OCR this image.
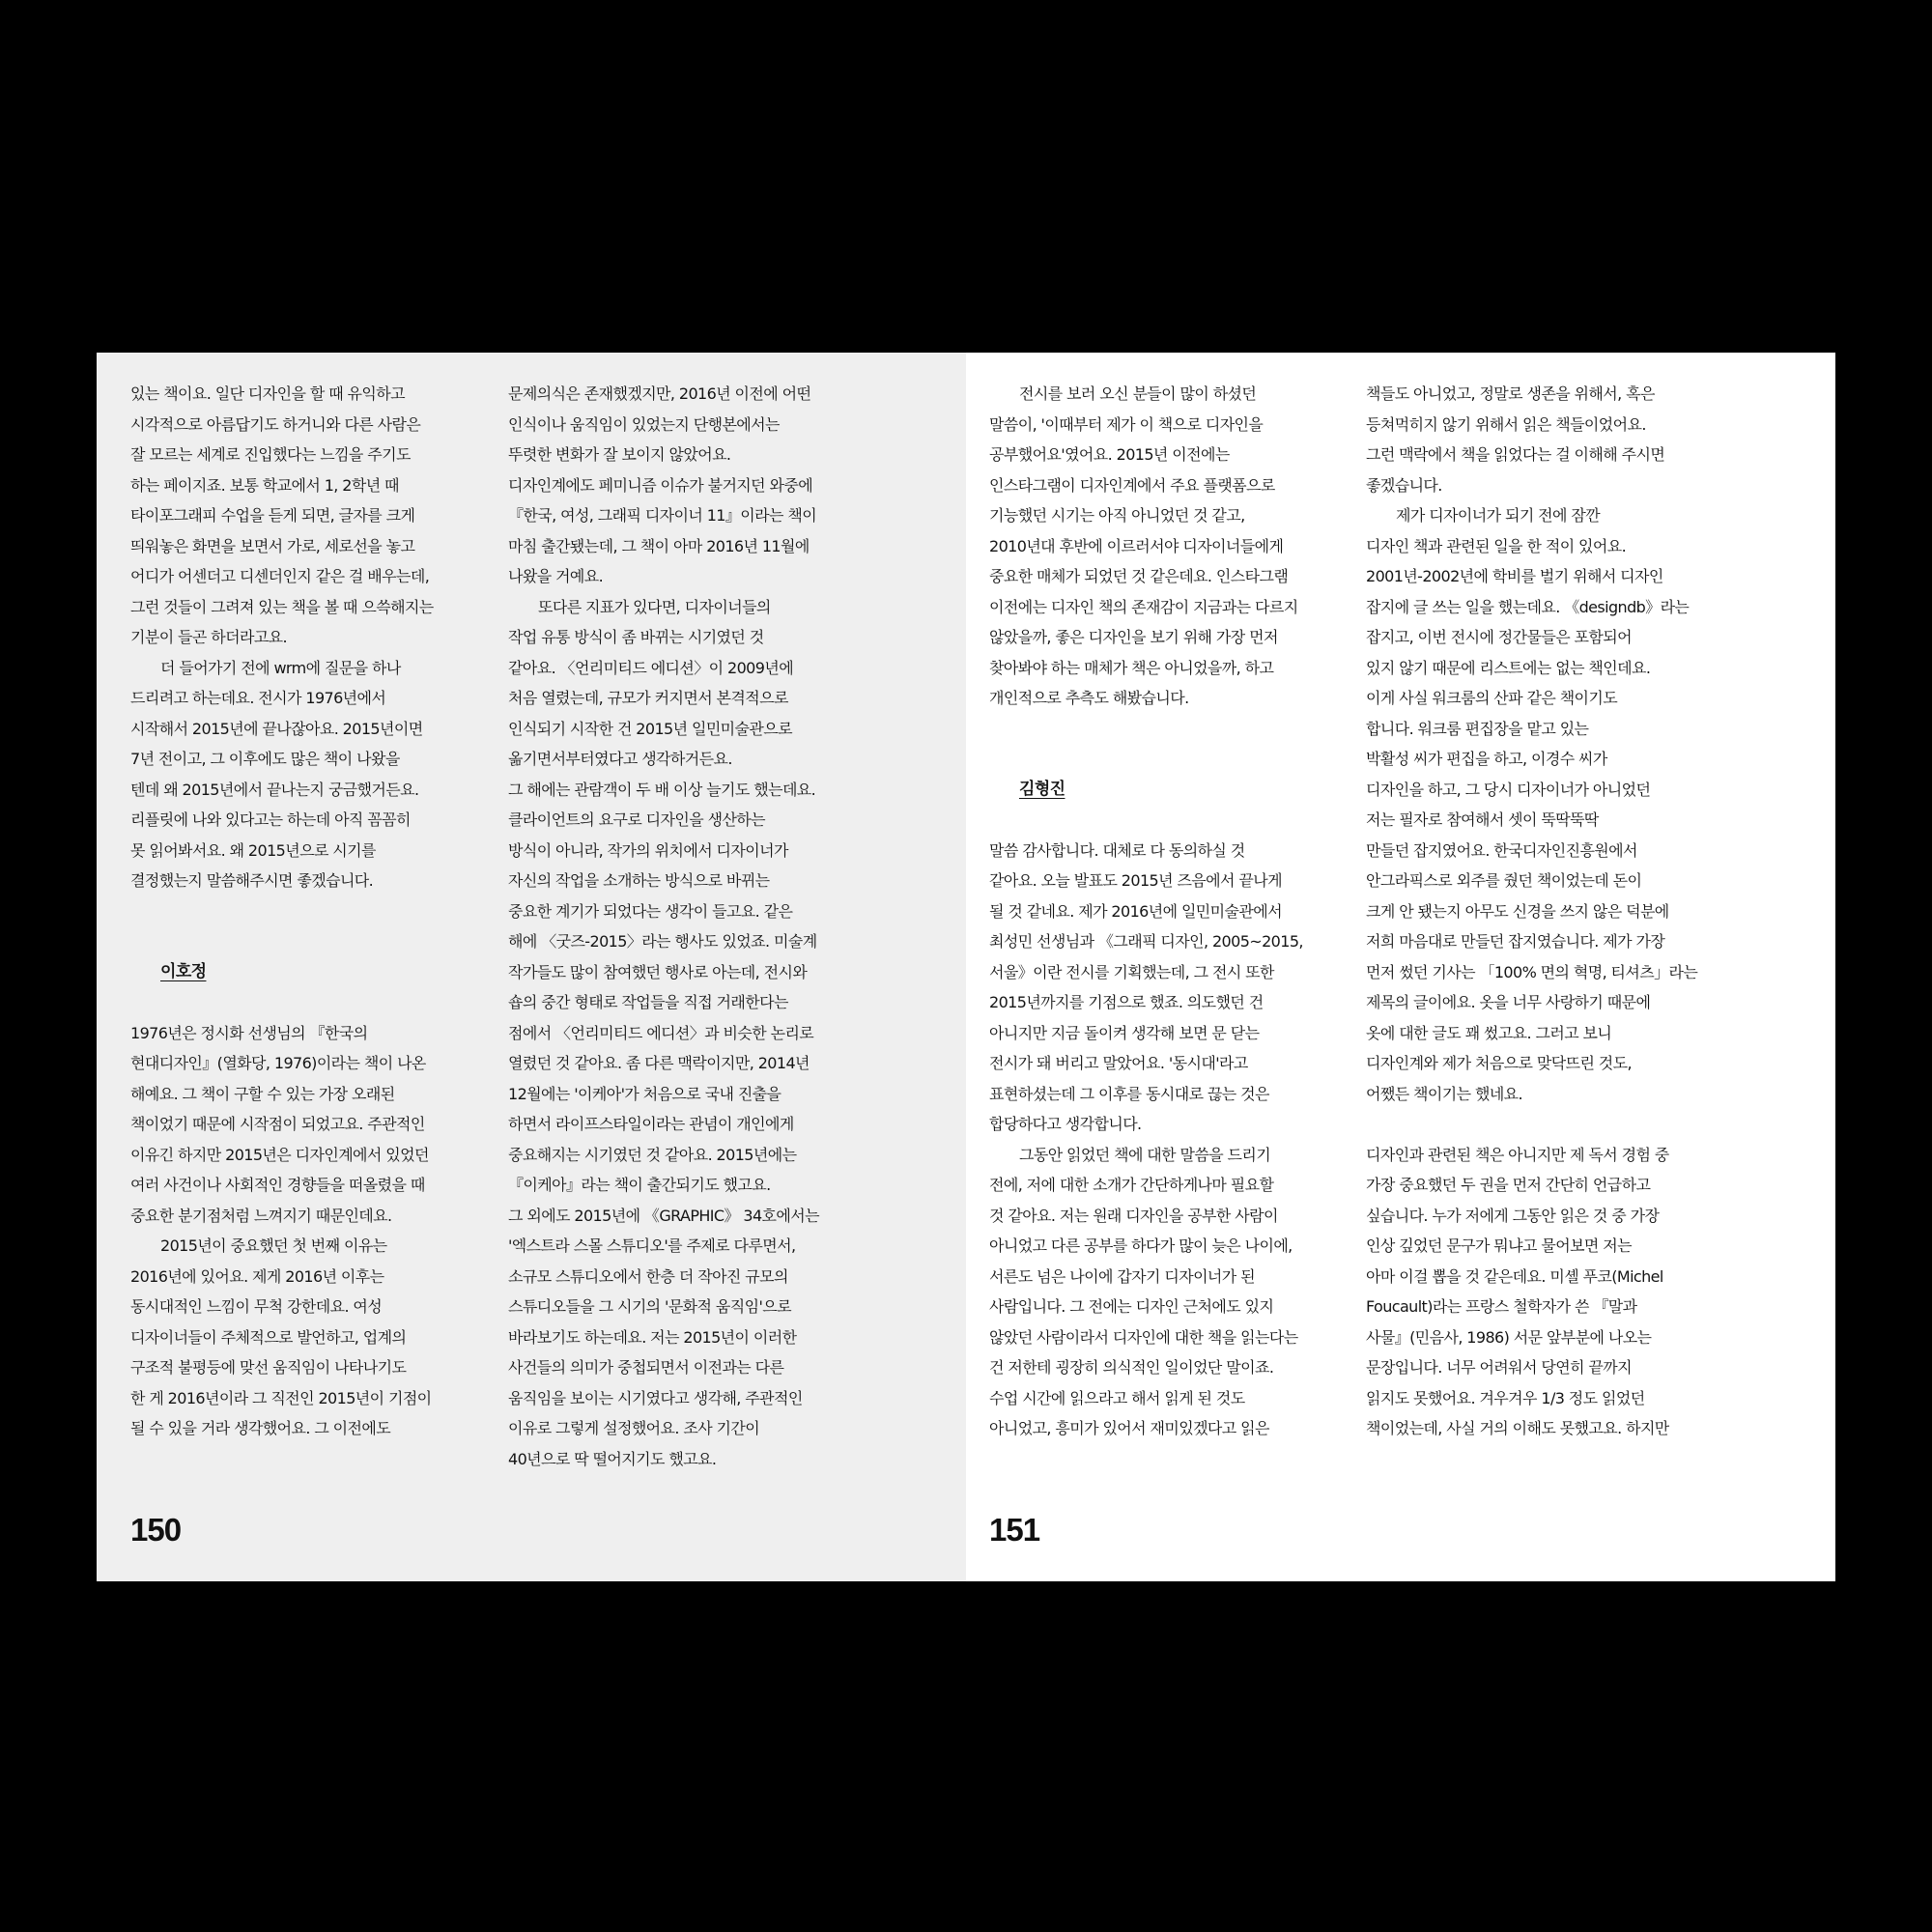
있는 책이요. 일단 디자인을 할 때 유익하고
시각적으로 아름답기도 하거니와 다른 사람은
잘 모르는 세계로 진입했다는 느낌을 주기도
하는 페이지죠. 보통 학교에서 1, 2학년 때
타이포그래피 수업을 듣게 되면, 글자를 크게
띄워놓은 화면을 보면서 가로, 세로선을 놓고
어디가 어센더고 디센더인지 같은 걸 배우는데,
그런 것들이 그려져 있는 책을 볼 때 으쓱해지는
기분이 들곤 하더라고요.
더 들어가기 전에 wrm에 질문을 하나
드리려고 하는데요. 전시가 1976년에서
시작해서 2015년에 끝나잖아요. 2015년이면
7년 전이고, 그 이후에도 많은 책이 나왔을
텐데 왜 2015년에서 끝나는지 궁금했거든요.
리플릿에 나와 있다고는 하는데 아직 꼼꼼히
못 읽어봐서요. 왜 2015년으로 시기를
결정했는지 말씀해주시면 좋겠습니다.
이호정
1976년은 정시화 선생님의 『한국의
현대디자인』(열화당, 1976)이라는 책이 나온
해예요. 그 책이 구할 수 있는 가장 오래된
책이었기 때문에 시작점이 되었고요. 주관적인
이유긴 하지만 2015년은 디자인계에서 있었던
여러 사건이나 사회적인 경향들을 떠올렸을 때
중요한 분기점처럼 느껴지기 때문인데요.
2015년이 중요했던 첫 번째 이유는
2016년에 있어요. 제게 2016년 이후는
동시대적인 느낌이 무척 강한데요. 여성
디자이너들이 주체적으로 발언하고, 업계의
구조적 불평등에 맞선 움직임이 나타나기도
한 게 2016년이라 그 직전인 2015년이 기점이
될 수 있을 거라 생각했어요. 그 이전에도
문제의식은 존재했겠지만, 2016년 이전에 어떤
인식이나 움직임이 있었는지 단행본에서는
뚜렷한 변화가 잘 보이지 않았어요.
디자인계에도 페미니즘 이슈가 불거지던 와중에
『한국, 여성, 그래픽 디자이너 11』이라는 책이
마침 출간됐는데, 그 책이 아마 2016년 11월에
나왔을 거예요.
또다른 지표가 있다면, 디자이너들의
작업 유통 방식이 좀 바뀌는 시기였던 것
같아요. 〈언리미티드 에디션〉이 2009년에
처음 열렸는데, 규모가 커지면서 본격적으로
인식되기 시작한 건 2015년 일민미술관으로
옮기면서부터였다고 생각하거든요.
그 해에는 관람객이 두 배 이상 늘기도 했는데요.
클라이언트의 요구로 디자인을 생산하는
방식이 아니라, 작가의 위치에서 디자이너가
자신의 작업을 소개하는 방식으로 바뀌는
중요한 계기가 되었다는 생각이 들고요. 같은
해에 〈굿즈-2015〉라는 행사도 있었죠. 미술계
작가들도 많이 참여했던 행사로 아는데, 전시와
숍의 중간 형태로 작업들을 직접 거래한다는
점에서 〈언리미티드 에디션〉과 비슷한 논리로
열렸던 것 같아요. 좀 다른 맥락이지만, 2014년
12월에는 '이케아'가 처음으로 국내 진출을
하면서 라이프스타일이라는 관념이 개인에게
중요해지는 시기였던 것 같아요. 2015년에는
『이케아』라는 책이 출간되기도 했고요.
그 외에도 2015년에 《GRAPHIC》 34호에서는
'엑스트라 스몰 스튜디오'를 주제로 다루면서,
소규모 스튜디오에서 한층 더 작아진 규모의
스튜디오들을 그 시기의 '문화적 움직임'으로
바라보기도 하는데요. 저는 2015년이 이러한
사건들의 의미가 중첩되면서 이전과는 다른
움직임을 보이는 시기였다고 생각해, 주관적인
이유로 그렇게 설정했어요. 조사 기간이
40년으로 딱 떨어지기도 했고요.
150
전시를 보러 오신 분들이 많이 하셨던
말씀이, '이때부터 제가 이 책으로 디자인을
공부했어요'였어요. 2015년 이전에는
인스타그램이 디자인계에서 주요 플랫폼으로
기능했던 시기는 아직 아니었던 것 같고,
2010년대 후반에 이르러서야 디자이너들에게
중요한 매체가 되었던 것 같은데요. 인스타그램
이전에는 디자인 책의 존재감이 지금과는 다르지
않았을까, 좋은 디자인을 보기 위해 가장 먼저
찾아봐야 하는 매체가 책은 아니었을까, 하고
개인적으로 추측도 해봤습니다.
김형진
말씀 감사합니다. 대체로 다 동의하실 것
같아요. 오늘 발표도 2015년 즈음에서 끝나게
될 것 같네요. 제가 2016년에 일민미술관에서
최성민 선생님과 《그래픽 디자인, 2005~2015,
서울》이란 전시를 기획했는데, 그 전시 또한
2015년까지를 기점으로 했죠. 의도했던 건
아니지만 지금 돌이켜 생각해 보면 문 닫는
전시가 돼 버리고 말았어요. '동시대'라고
표현하셨는데 그 이후를 동시대로 끊는 것은
합당하다고 생각합니다.
그동안 읽었던 책에 대한 말씀을 드리기
전에, 저에 대한 소개가 간단하게나마 필요할
것 같아요. 저는 원래 디자인을 공부한 사람이
아니었고 다른 공부를 하다가 많이 늦은 나이에,
서른도 넘은 나이에 갑자기 디자이너가 된
사람입니다. 그 전에는 디자인 근처에도 있지
않았던 사람이라서 디자인에 대한 책을 읽는다는
건 저한테 굉장히 의식적인 일이었단 말이죠.
수업 시간에 읽으라고 해서 읽게 된 것도
아니었고, 흥미가 있어서 재미있겠다고 읽은
책들도 아니었고, 정말로 생존을 위해서, 혹은
등쳐먹히지 않기 위해서 읽은 책들이었어요.
그런 맥락에서 책을 읽었다는 걸 이해해 주시면
좋겠습니다.
제가 디자이너가 되기 전에 잠깐
디자인 책과 관련된 일을 한 적이 있어요.
2001년-2002년에 학비를 벌기 위해서 디자인
잡지에 글 쓰는 일을 했는데요. 《designdb》라는
잡지고, 이번 전시에 정간물들은 포함되어
있지 않기 때문에 리스트에는 없는 책인데요.
이게 사실 워크룸의 산파 같은 책이기도
합니다. 워크룸 편집장을 맡고 있는
박활성 씨가 편집을 하고, 이경수 씨가
디자인을 하고, 그 당시 디자이너가 아니었던
저는 필자로 참여해서 셋이 뚝딱뚝딱
만들던 잡지였어요. 한국디자인진흥원에서
안그라픽스로 외주를 줬던 책이었는데 돈이
크게 안 됐는지 아무도 신경을 쓰지 않은 덕분에
저희 마음대로 만들던 잡지였습니다. 제가 가장
먼저 썼던 기사는 「100% 면의 혁명, 티셔츠」라는
제목의 글이에요. 옷을 너무 사랑하기 때문에
옷에 대한 글도 꽤 썼고요. 그러고 보니
디자인계와 제가 처음으로 맞닥뜨린 것도,
어쨌든 책이기는 했네요.
디자인과 관련된 책은 아니지만 제 독서 경험 중
가장 중요했던 두 권을 먼저 간단히 언급하고
싶습니다. 누가 저에게 그동안 읽은 것 중 가장
인상 깊었던 문구가 뭐냐고 물어보면 저는
아마 이걸 뽑을 것 같은데요. 미셸 푸코(Michel
Foucault)라는 프랑스 철학자가 쓴 『말과
사물』(민음사, 1986) 서문 앞부분에 나오는
문장입니다. 너무 어려워서 당연히 끝까지
읽지도 못했어요. 겨우겨우 1/3 정도 읽었던
책이었는데, 사실 거의 이해도 못했고요. 하지만
151
